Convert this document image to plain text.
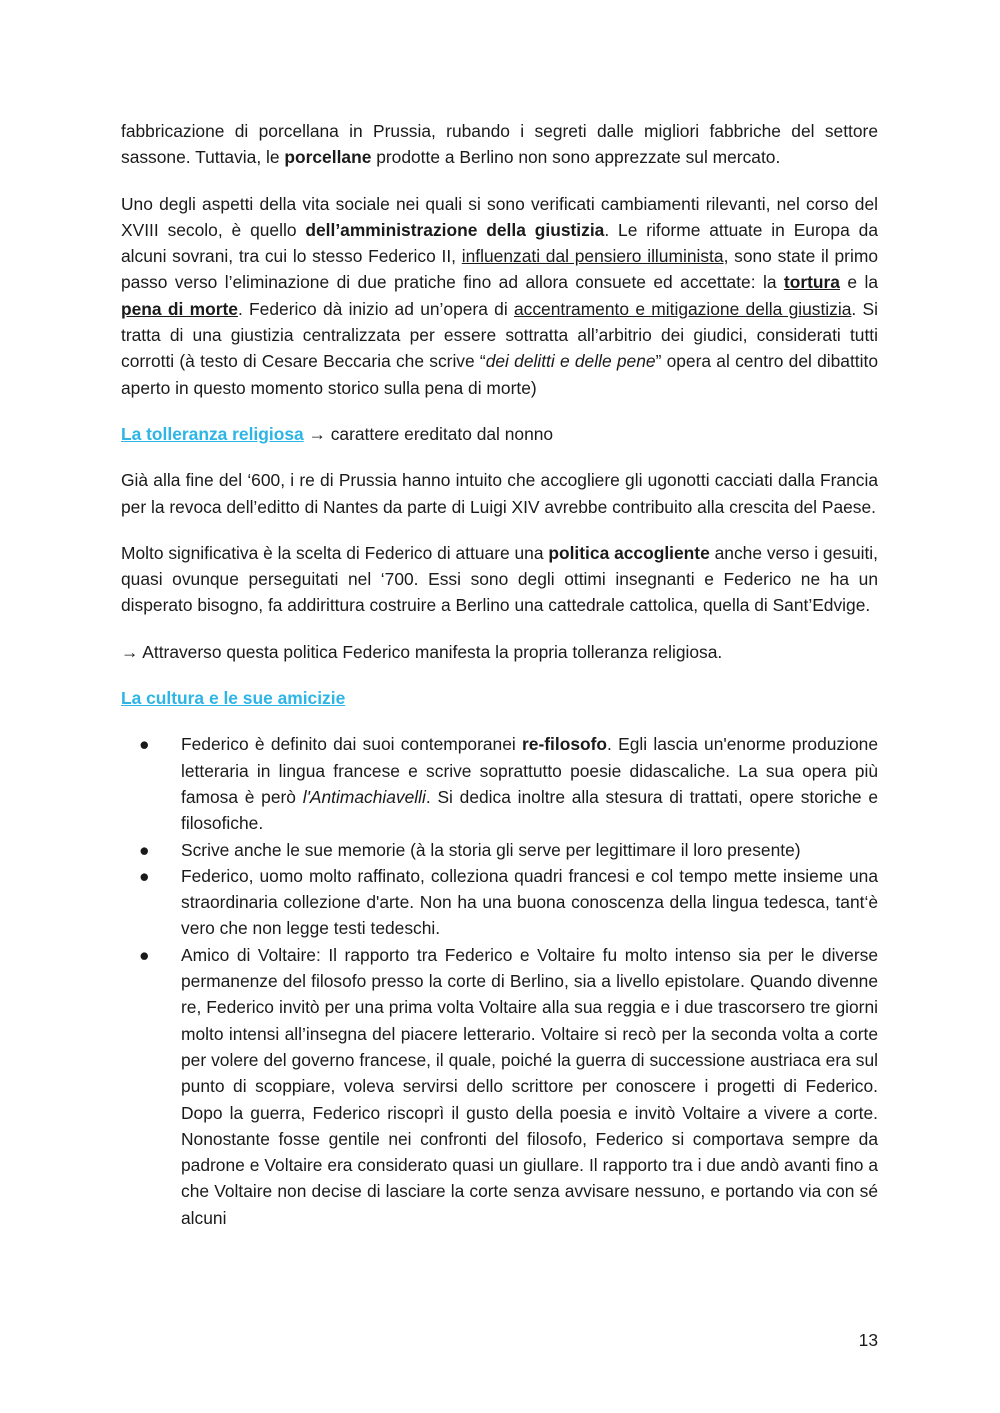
fabbricazione di porcellana in Prussia, rubando i segreti dalle migliori fabbriche del settore sassone. Tuttavia, le porcellane prodotte a Berlino non sono apprezzate sul mercato.

Uno degli aspetti della vita sociale nei quali si sono verificati cambiamenti rilevanti, nel corso del XVIII secolo, è quello dell’amministrazione della giustizia. Le riforme attuate in Europa da alcuni sovrani, tra cui lo stesso Federico II, influenzati dal pensiero illuminista, sono state il primo passo verso l’eliminazione di due pratiche fino ad allora consuete ed accettate: la tortura e la pena di morte. Federico dà inizio ad un’opera di accentramento e mitigazione della giustizia. Si tratta di una giustizia centralizzata per essere sottratta all’arbitrio dei giudici, considerati tutti corrotti (à testo di Cesare Beccaria che scrive “dei delitti e delle pene” opera al centro del dibattito aperto in questo momento storico sulla pena di morte)

La tolleranza religiosa → carattere ereditato dal nonno

Già alla fine del ‘600, i re di Prussia hanno intuito che accogliere gli ugonotti cacciati dalla Francia per la revoca dell’editto di Nantes da parte di Luigi XIV avrebbe contribuito alla crescita del Paese.

Molto significativa è la scelta di Federico di attuare una politica accogliente anche verso i gesuiti, quasi ovunque perseguitati nel ‘700. Essi sono degli ottimi insegnanti e Federico ne ha un disperato bisogno, fa addirittura costruire a Berlino una cattedrale cattolica, quella di Sant’Edvige.

→ Attraverso questa politica Federico manifesta la propria tolleranza religiosa.

La cultura e le sue amicizie
● Federico è definito dai suoi contemporanei re-filosofo. Egli lascia un'enorme produzione letteraria in lingua francese e scrive soprattutto poesie didascaliche. La sua opera più famosa è però l'Antimachiavelli. Si dedica inoltre alla stesura di trattati, opere storiche e filosofiche.
● Scrive anche le sue memorie (à la storia gli serve per legittimare il loro presente)
● Federico, uomo molto raffinato, colleziona quadri francesi e col tempo mette insieme una straordinaria collezione d'arte. Non ha una buona conoscenza della lingua tedesca, tant‘è vero che non legge testi tedeschi.
● Amico di Voltaire: Il rapporto tra Federico e Voltaire fu molto intenso sia per le diverse permanenze del filosofo presso la corte di Berlino, sia a livello epistolare. Quando divenne re, Federico invitò per una prima volta Voltaire alla sua reggia e i due trascorsero tre giorni molto intensi all’insegna del piacere letterario. Voltaire si recò per la seconda volta a corte per volere del governo francese, il quale, poiché la guerra di successione austriaca era sul punto di scoppiare, voleva servirsi dello scrittore per conoscere i progetti di Federico. Dopo la guerra, Federico riscoprì il gusto della poesia e invitò Voltaire a vivere a corte. Nonostante fosse gentile nei confronti del filosofo, Federico si comportava sempre da padrone e Voltaire era considerato quasi un giullare. Il rapporto tra i due andò avanti fino a che Voltaire non decise di lasciare la corte senza avvisare nessuno, e portando via con sé alcuni
13
